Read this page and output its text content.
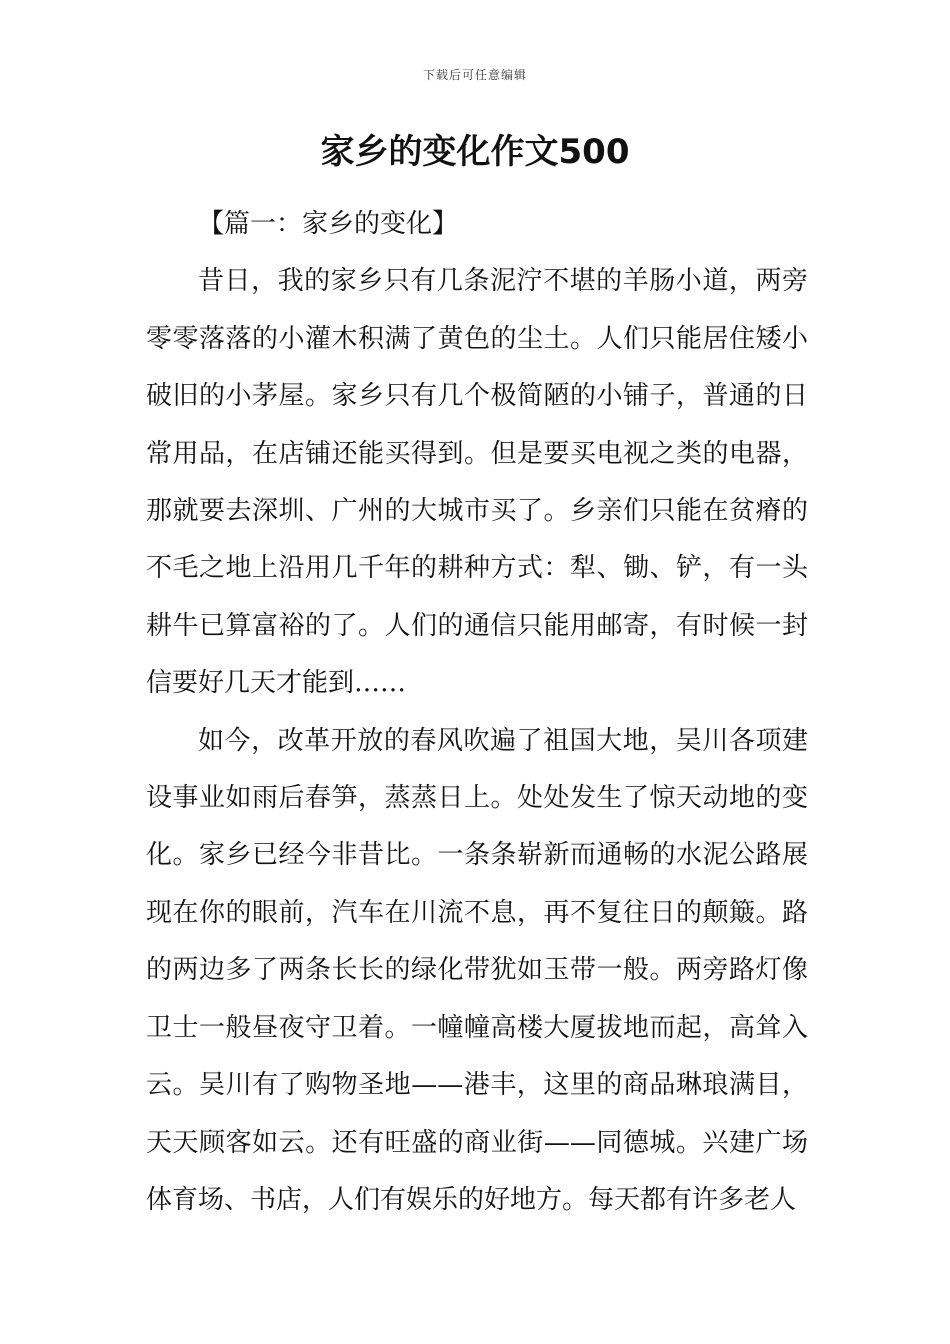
下载后可任意编辑
家乡的变化作文500

【篇一：家乡的变化】

昔日，我的家乡只有几条泥泞不堪的羊肠小道，两旁零零落落的小灌木积满了黄色的尘土。人们只能居住矮小破旧的小茅屋。家乡只有几个极简陋的小铺子，普通的日常用品，在店铺还能买得到。但是要买电视之类的电器，那就要去深圳、广州的大城市买了。乡亲们只能在贫瘠的不毛之地上沿用几千年的耕种方式：犁、锄、铲，有一头耕牛已算富裕的了。人们的通信只能用邮寄，有时候一封信要好几天才能到……

如今，改革开放的春风吹遍了祖国大地，吴川各项建设事业如雨后春笋，蒸蒸日上。处处发生了惊天动地的变化。家乡已经今非昔比。一条条崭新而通畅的水泥公路展现在你的眼前，汽车在川流不息，再不复往日的颠簸。路的两边多了两条长长的绿化带犹如玉带一般。两旁路灯像卫士一般昼夜守卫着。一幢幢高楼大厦拔地而起，高耸入云。吴川有了购物圣地——港丰，这里的商品琳琅满目，天天顾客如云。还有旺盛的商业街——同德城。兴建广场体育场、书店，人们有娱乐的好地方。每天都有许多老人
